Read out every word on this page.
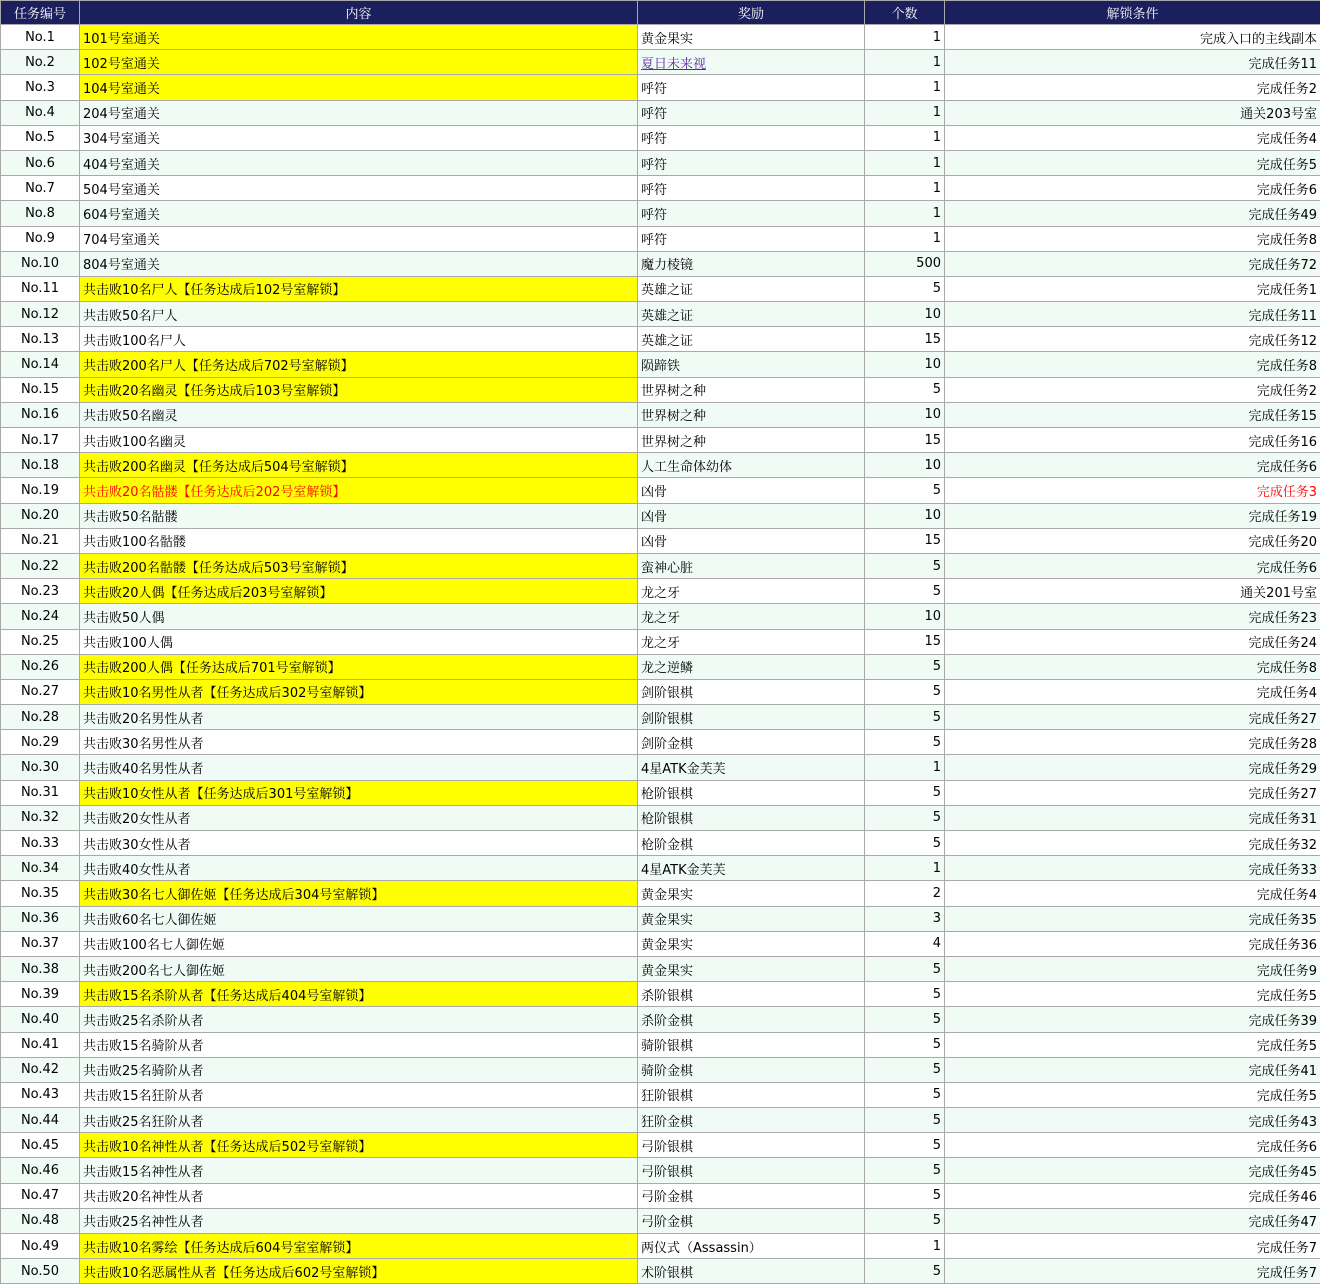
任务编号	内容	奖励	个数	解锁条件
No.1	101号室通关	黄金果实	1	完成入口的主线副本
No.2	102号室通关	夏日未来视	1	完成任务11
No.3	104号室通关	呼符	1	完成任务2
No.4	204号室通关	呼符	1	通关203号室
No.5	304号室通关	呼符	1	完成任务4
No.6	404号室通关	呼符	1	完成任务5
No.7	504号室通关	呼符	1	完成任务6
No.8	604号室通关	呼符	1	完成任务49
No.9	704号室通关	呼符	1	完成任务8
No.10	804号室通关	魔力棱镜	500	完成任务72
No.11	共击败10名尸人【任务达成后102号室解锁】	英雄之证	5	完成任务1
No.12	共击败50名尸人	英雄之证	10	完成任务11
No.13	共击败100名尸人	英雄之证	15	完成任务12
No.14	共击败200名尸人【任务达成后702号室解锁】	陨蹄铁	10	完成任务8
No.15	共击败20名幽灵【任务达成后103号室解锁】	世界树之种	5	完成任务2
No.16	共击败50名幽灵	世界树之种	10	完成任务15
No.17	共击败100名幽灵	世界树之种	15	完成任务16
No.18	共击败200名幽灵【任务达成后504号室解锁】	人工生命体幼体	10	完成任务6
No.19	共击败20名骷髅【任务达成后202号室解锁】	凶骨	5	完成任务3
No.20	共击败50名骷髅	凶骨	10	完成任务19
No.21	共击败100名骷髅	凶骨	15	完成任务20
No.22	共击败200名骷髅【任务达成后503号室解锁】	蛮神心脏	5	完成任务6
No.23	共击败20人偶【任务达成后203号室解锁】	龙之牙	5	通关201号室
No.24	共击败50人偶	龙之牙	10	完成任务23
No.25	共击败100人偶	龙之牙	15	完成任务24
No.26	共击败200人偶【任务达成后701号室解锁】	龙之逆鳞	5	完成任务8
No.27	共击败10名男性从者【任务达成后302号室解锁】	剑阶银棋	5	完成任务4
No.28	共击败20名男性从者	剑阶银棋	5	完成任务27
No.29	共击败30名男性从者	剑阶金棋	5	完成任务28
No.30	共击败40名男性从者	4星ATK金芙芙	1	完成任务29
No.31	共击败10女性从者【任务达成后301号室解锁】	枪阶银棋	5	完成任务27
No.32	共击败20女性从者	枪阶银棋	5	完成任务31
No.33	共击败30女性从者	枪阶金棋	5	完成任务32
No.34	共击败40女性从者	4星ATK金芙芙	1	完成任务33
No.35	共击败30名七人御佐姬【任务达成后304号室解锁】	黄金果实	2	完成任务4
No.36	共击败60名七人御佐姬	黄金果实	3	完成任务35
No.37	共击败100名七人御佐姬	黄金果实	4	完成任务36
No.38	共击败200名七人御佐姬	黄金果实	5	完成任务9
No.39	共击败15名杀阶从者【任务达成后404号室解锁】	杀阶银棋	5	完成任务5
No.40	共击败25名杀阶从者	杀阶金棋	5	完成任务39
No.41	共击败15名骑阶从者	骑阶银棋	5	完成任务5
No.42	共击败25名骑阶从者	骑阶金棋	5	完成任务41
No.43	共击败15名狂阶从者	狂阶银棋	5	完成任务5
No.44	共击败25名狂阶从者	狂阶金棋	5	完成任务43
No.45	共击败10名神性从者【任务达成后502号室解锁】	弓阶银棋	5	完成任务6
No.46	共击败15名神性从者	弓阶银棋	5	完成任务45
No.47	共击败20名神性从者	弓阶金棋	5	完成任务46
No.48	共击败25名神性从者	弓阶金棋	5	完成任务47
No.49	共击败10名雾绘【任务达成后604号室室解锁】	两仪式（Assassin）	1	完成任务7
No.50	共击败10名恶属性从者【任务达成后602号室解锁】	术阶银棋	5	完成任务7
